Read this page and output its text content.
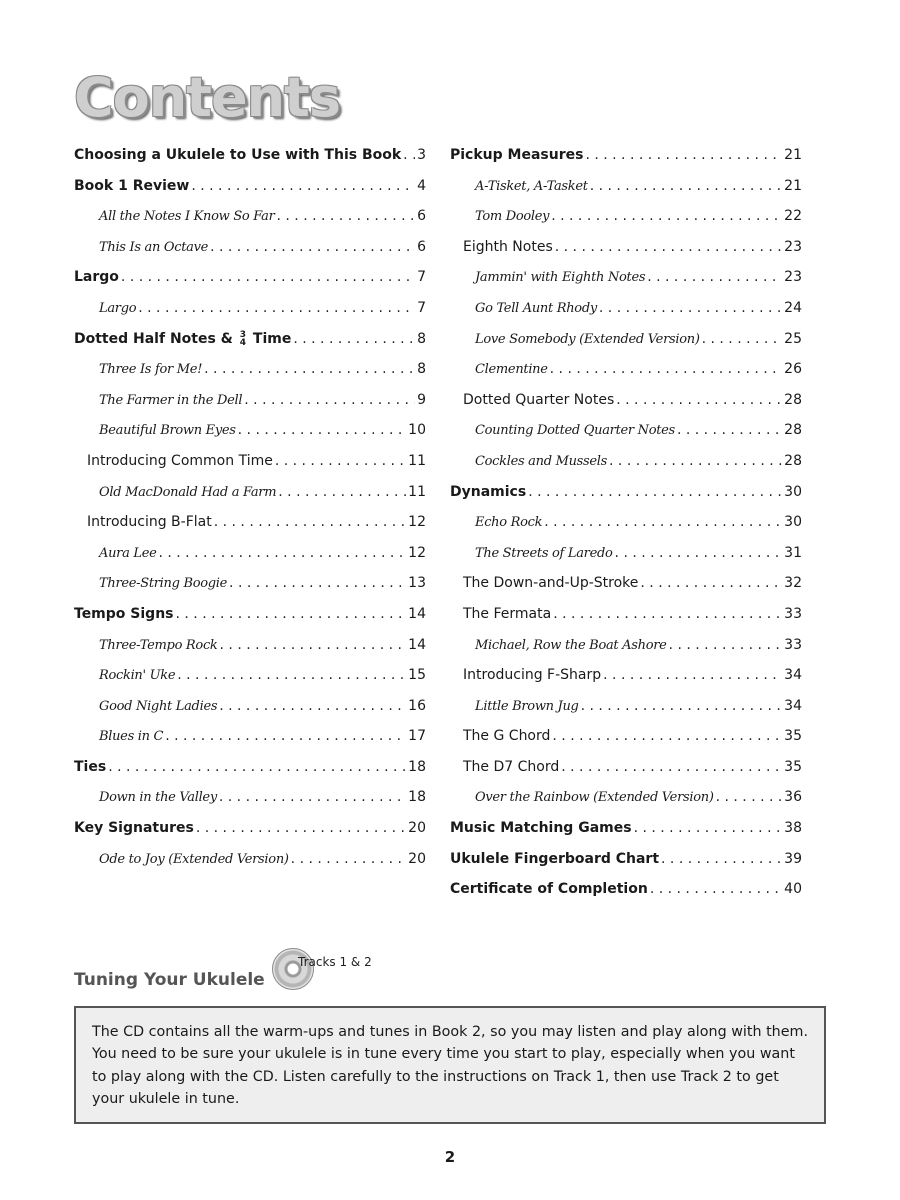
Contents
Choosing a Ukulele to Use with This Book . . . 3
Book 1 Review . . .	4
All the Notes I Know So Far . . .	6
This Is an Octave . . .	6
Largo . . .	7
Largo . . .	7
Dotted Half Notes & 3
4 Time . . .	8
Three Is for Me! . . .	8
The Farmer in the Dell . . .	9
Beautiful Brown Eyes . . .	10
Introducing Common Time . . .	11
Old MacDonald Had a Farm . . .	11
Introducing B-Flat . . .	12
Aura Lee . . .	12
Three-String Boogie . . .	13
Tempo Signs . . .	14
Three-Tempo Rock . . .	14
Rockin' Uke . . .	15
Good Night Ladies . . .	16
Blues in C . . .	17
Ties . . .	18
Down in the Valley . . .	18
Key Signatures . . .	20
Ode to Joy (Extended Version) . . .	20
Pickup Measures . . .	21
A-Tisket, A-Tasket . . .	21
Tom Dooley . . .	22
Eighth Notes . . .	23
Jammin' with Eighth Notes . . .	23
Go Tell Aunt Rhody . . .	24
Love Somebody (Extended Version) . . .	25
Clementine . . .	26
Dotted Quarter Notes . . .	28
Counting Dotted Quarter Notes . . .	28
Cockles and Mussels . . .	28
Dynamics . . .	30
Echo Rock . . .	30
The Streets of Laredo . . .	31
The Down-and-Up-Stroke . . .	32
The Fermata . . .	33
Michael, Row the Boat Ashore . . .	33
Introducing F-Sharp . . .	34
Little Brown Jug . . .	34
The G Chord . . .	35
The D7 Chord . . .	35
Over the Rainbow (Extended Version) . . .	36
Music Matching Games . . .	38
Ukulele Fingerboard Chart . . .	39
Certificate of Completion . . .	40
Tracks 1 & 2
Tuning Your Ukulele

The CD contains all the warm-ups and tunes in Book 2, so you may listen and play along with them. You need to be sure your ukulele is in tune every time you start to play, especially when you want to play along with the CD. Listen carefully to the instructions on Track 1, then use Track 2 to get your ukulele in tune.

2
